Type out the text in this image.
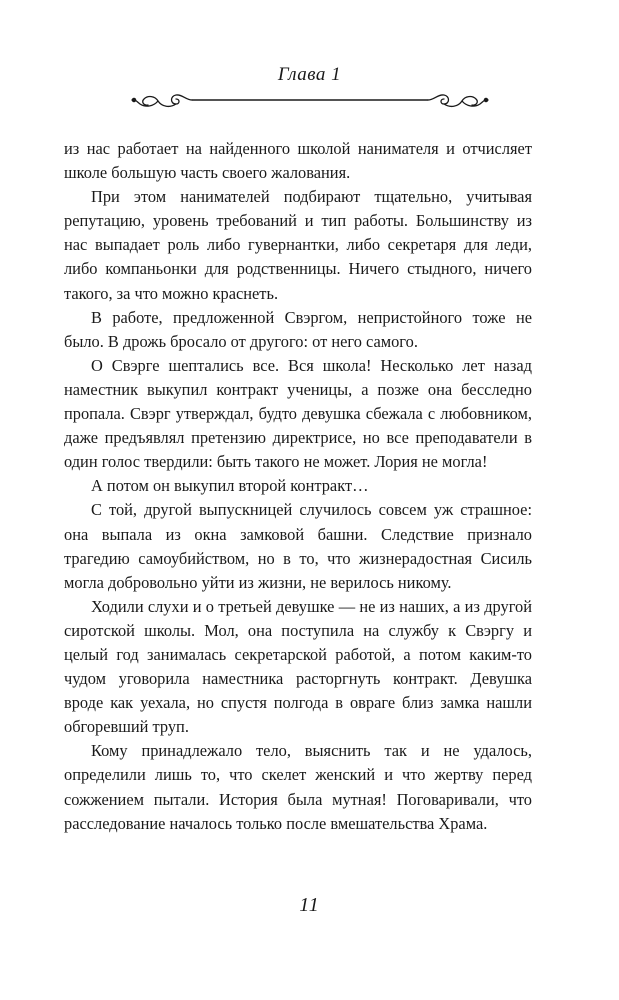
Глава 1

из нас работает на найденного школой нанимателя и отчисляет школе большую часть своего жалования.

При этом нанимателей подбирают тщательно, учитывая репутацию, уровень требований и тип работы. Большинству из нас выпадает роль либо гувернантки, либо секретаря для леди, либо компаньонки для родственницы. Ничего стыдного, ничего такого, за что можно краснеть.

В работе, предложенной Свэргом, непристойного тоже не было. В дрожь бросало от другого: от него самого.

О Свэрге шептались все. Вся школа! Несколько лет назад наместник выкупил контракт ученицы, а позже она бесследно пропала. Свэрг утверждал, будто девушка сбежала с любовником, даже предъявлял претензию директрисе, но все преподаватели в один голос твердили: быть такого не может. Лория не могла!

А потом он выкупил второй контракт…

С той, другой выпускницей случилось совсем уж страшное: она выпала из окна замковой башни. Следствие признало трагедию самоубийством, но в то, что жизнерадостная Сисиль могла добровольно уйти из жизни, не верилось никому.

Ходили слухи и о третьей девушке — не из наших, а из другой сиротской школы. Мол, она поступила на службу к Свэргу и целый год занималась секретарской работой, а потом каким-то чудом уговорила наместника расторгнуть контракт. Девушка вроде как уехала, но спустя полгода в овраге близ замка нашли обгоревший труп.

Кому принадлежало тело, выяснить так и не удалось, определили лишь то, что скелет женский и что жертву перед сожжением пытали. История была мутная! Поговаривали, что расследование началось только после вмешательства Храма.

11
